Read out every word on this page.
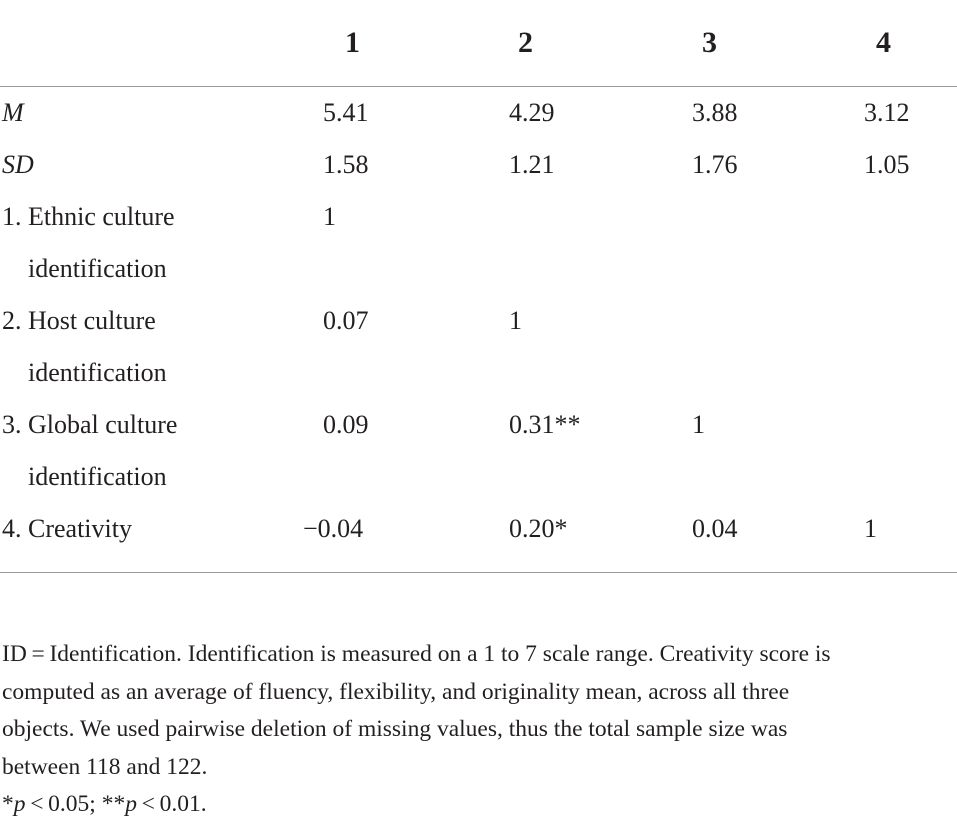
	1	2	3	4
M	5.41	4.29	3.88	3.12
SD	1.58	1.21	1.76	1.05
1. Ethnic culture	1			
identification				
2. Host culture	0.07	1		
identification				
3. Global culture	0.09	0.31**	1	
identification				
4. Creativity	−0.04	0.20*	0.04	1

ID = Identification. Identification is measured on a 1 to 7 scale range. Creativity score is

computed as an average of fluency, flexibility, and originality mean, across all three

objects. We used pairwise deletion of missing values, thus the total sample size was

between 118 and 122.

*p < 0.05; **p < 0.01.
